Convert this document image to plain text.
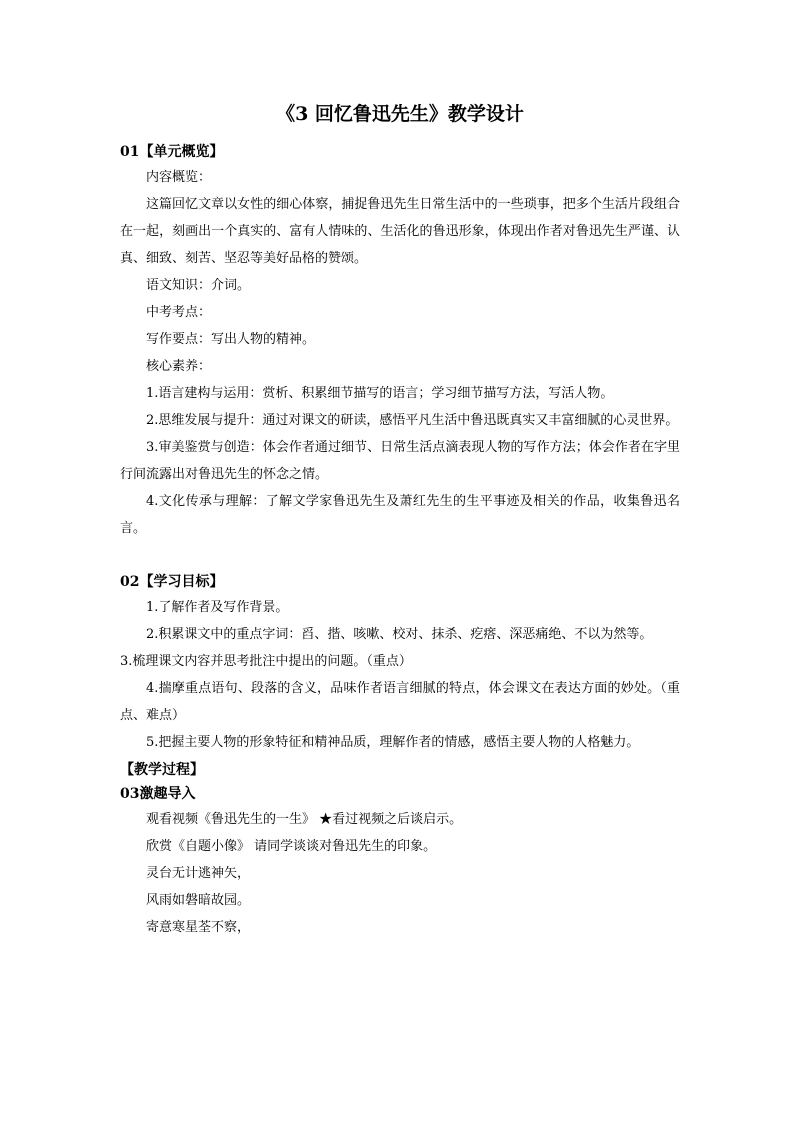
《3 回忆鲁迅先生》教学设计

01【单元概览】

内容概览：

这篇回忆文章以女性的细心体察，捕捉鲁迅先生日常生活中的一些琐事，把多个生活片段组合在一起，刻画出一个真实的、富有人情味的、生活化的鲁迅形象，体现出作者对鲁迅先生严谨、认真、细致、刻苦、坚忍等美好品格的赞颂。

语文知识：介词。

中考考点：

写作要点：写出人物的精神。

核心素养：

1.语言建构与运用：赏析、积累细节描写的语言；学习细节描写方法，写活人物。

2.思维发展与提升：通过对课文的研读，感悟平凡生活中鲁迅既真实又丰富细腻的心灵世界。

3.审美鉴赏与创造：体会作者通过细节、日常生活点滴表现人物的写作方法；体会作者在字里行间流露出对鲁迅先生的怀念之情。

4.文化传承与理解：了解文学家鲁迅先生及萧红先生的生平事迹及相关的作品，收集鲁迅名言。

02【学习目标】

1.了解作者及写作背景。

2.积累课文中的重点字词：舀、揩、咳嗽、校对、抹杀、疙瘩、深恶痛绝、不以为然等。

3.梳理课文内容并思考批注中提出的问题。（重点）

4.揣摩重点语句、段落的含义，品味作者语言细腻的特点，体会课文在表达方面的妙处。（重点、难点）

5.把握主要人物的形象特征和精神品质，理解作者的情感，感悟主要人物的人格魅力。

【教学过程】

03激趣导入

观看视频《鲁迅先生的一生》 ★看过视频之后谈启示。

欣赏《自题小像》 请同学谈谈对鲁迅先生的印象。

灵台无计逃神矢，

风雨如磐暗故园。

寄意寒星荃不察，
